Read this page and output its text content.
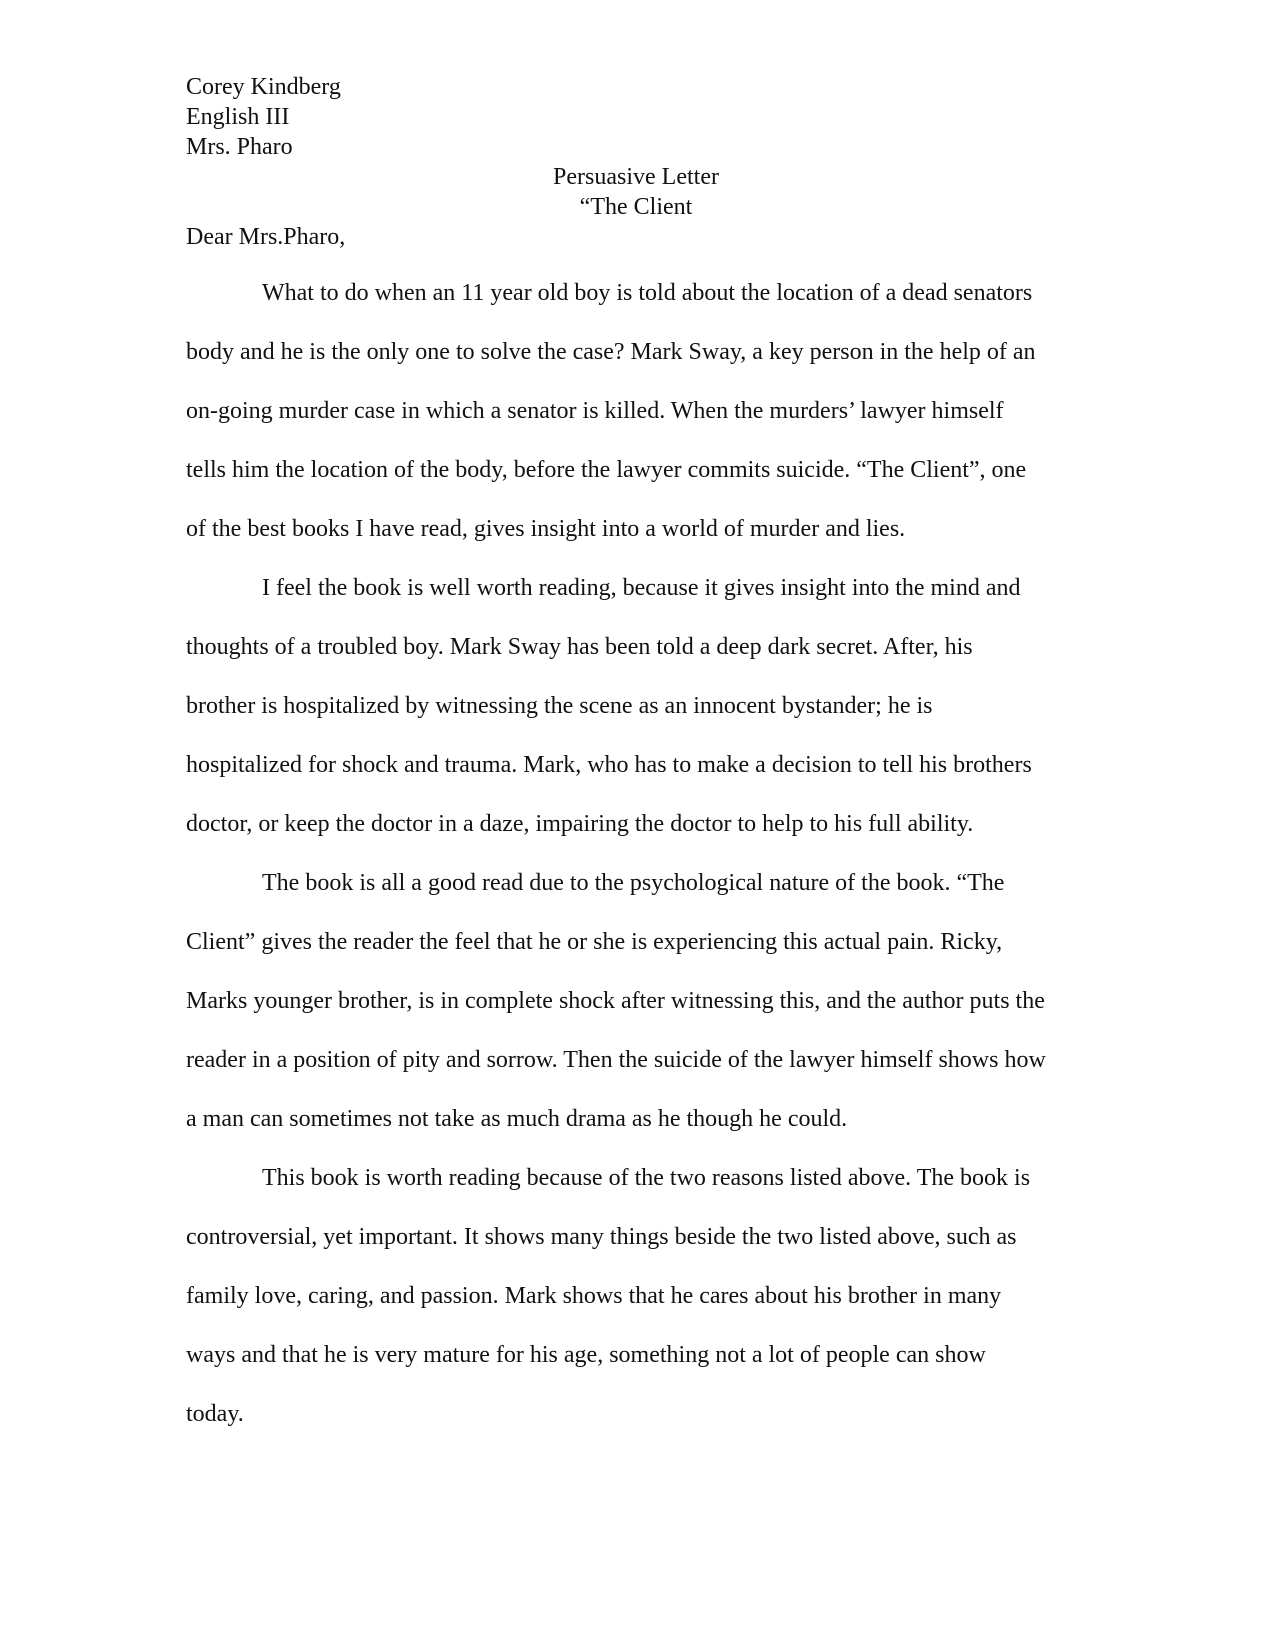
Corey Kindberg

English III

Mrs. Pharo

Persuasive Letter
“The Client

Dear Mrs.Pharo,

What to do when an 11 year old boy is told about the location of a dead senators
body and he is the only one to solve the case? Mark Sway, a key person in the help of an
on-going murder case in which a senator is killed. When the murders’ lawyer himself
tells him the location of the body, before the lawyer commits suicide. “The Client”, one
of the best books I have read, gives insight into a world of murder and lies.
I feel the book is well worth reading, because it gives insight into the mind and
thoughts of a troubled boy. Mark Sway has been told a deep dark secret. After, his
brother is hospitalized by witnessing the scene as an innocent bystander; he is
hospitalized for shock and trauma. Mark, who has to make a decision to tell his brothers
doctor, or keep the doctor in a daze, impairing the doctor to help to his full ability.
The book is all a good read due to the psychological nature of the book. “The
Client” gives the reader the feel that he or she is experiencing this actual pain. Ricky,
Marks younger brother, is in complete shock after witnessing this, and the author puts the
reader in a position of pity and sorrow. Then the suicide of the lawyer himself shows how
a man can sometimes not take as much drama as he though he could.
This book is worth reading because of the two reasons listed above. The book is
controversial, yet important. It shows many things beside the two listed above, such as
family love, caring, and passion. Mark shows that he cares about his brother in many
ways and that he is very mature for his age, something not a lot of people can show
today.
